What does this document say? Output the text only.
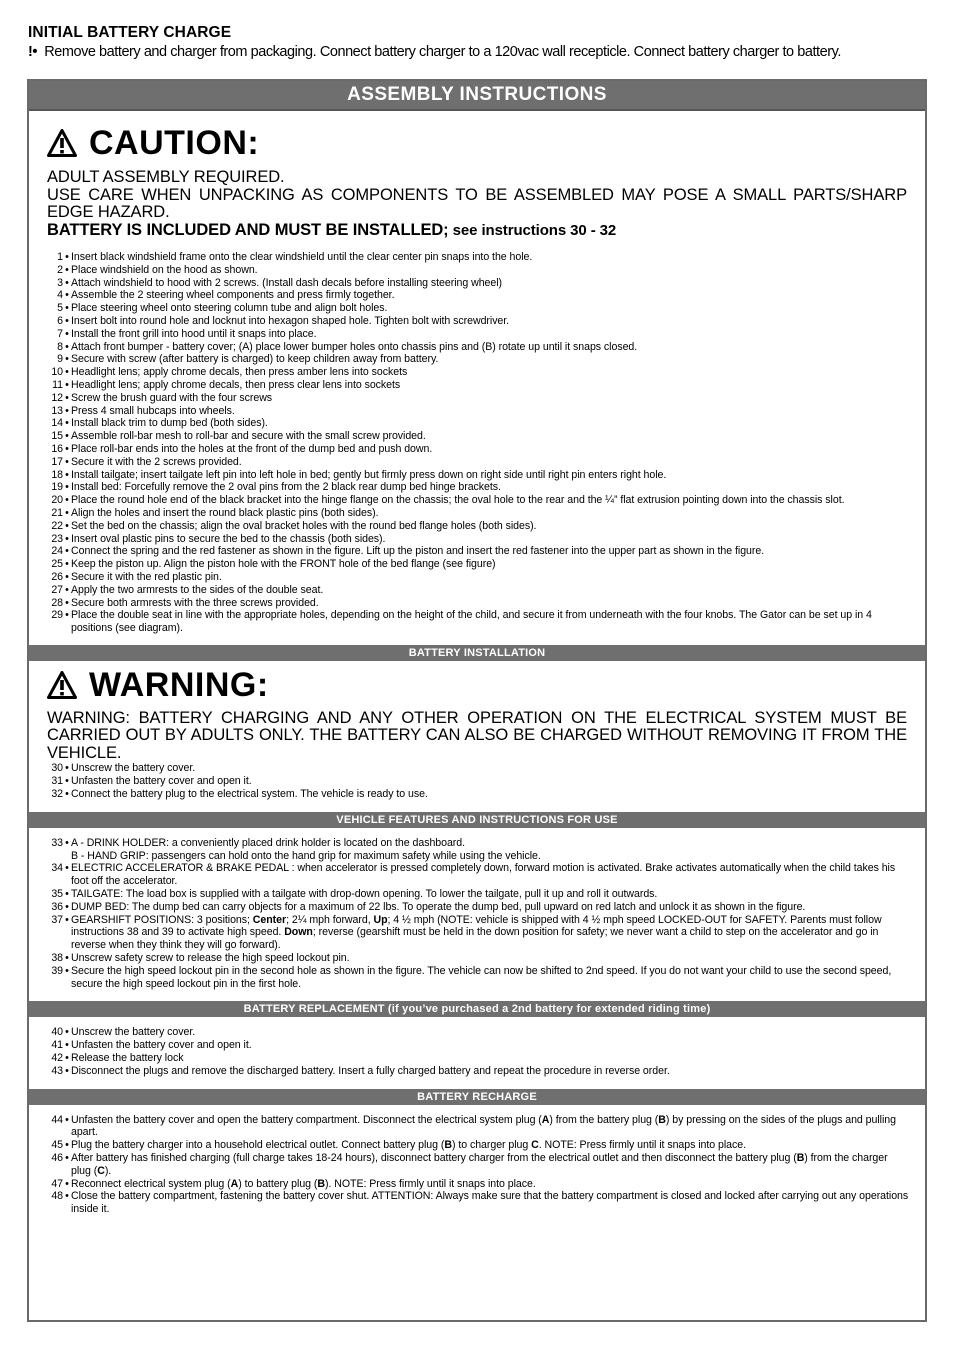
INITIAL BATTERY CHARGE

!• Remove battery and charger from packaging. Connect battery charger to a 120vac wall recepticle. Connect battery charger to battery.

ASSEMBLY INSTRUCTIONS
CAUTION:

ADULT ASSEMBLY REQUIRED.

USE CARE WHEN UNPACKING AS COMPONENTS TO BE ASSEMBLED MAY POSE A SMALL PARTS/SHARP EDGE HAZARD.

BATTERY IS INCLUDED AND MUST BE INSTALLED; see instructions 30 - 32

1 • Insert black windshield frame onto the clear windshield until the clear center pin snaps into the hole.
2 • Place windshield on the hood as shown.
3 • Attach windshield to hood with 2 screws. (Install dash decals before installing steering wheel)
4 • Assemble the 2 steering wheel components and press firmly together.
5 • Place steering wheel onto steering column tube and align bolt holes.
6 • Insert bolt into round hole and locknut into hexagon shaped hole. Tighten bolt with screwdriver.
7 • Install the front grill into hood until it snaps into place.
8 • Attach front bumper - battery cover; (A) place lower bumper holes onto chassis pins and (B) rotate up until it snaps closed.
9 • Secure with screw (after battery is charged) to keep children away from battery.
10 • Headlight lens; apply chrome decals, then press amber lens into sockets
11 • Headlight lens; apply chrome decals, then press clear lens into sockets
12 • Screw the brush guard with the four screws
13 • Press 4 small hubcaps into wheels.
14 • Install black trim to dump bed (both sides).
15 • Assemble roll-bar mesh to roll-bar and secure with the small screw provided.
16 • Place roll-bar ends into the holes at the front of the dump bed and push down.
17 • Secure it with the 2 screws provided.
18 • Install tailgate; insert tailgate left pin into left hole in bed; gently but firmly press down on right side until right pin enters right hole.
19 • Install bed: Forcefully remove the 2 oval pins from the 2 black rear dump bed hinge brackets.
20 • Place the round hole end of the black bracket into the hinge flange on the chassis; the oval hole to the rear and the ¼” flat extrusion pointing down into the chassis slot.
21 • Align the holes and insert the round black plastic pins (both sides).
22 • Set the bed on the chassis; align the oval bracket holes with the round bed flange holes (both sides).
23 • Insert oval plastic pins to secure the bed to the chassis (both sides).
24 • Connect the spring and the red fastener as shown in the figure. Lift up the piston and insert the red fastener into the upper part as shown in the figure.
25 • Keep the piston up. Align the piston hole with the FRONT hole of the bed flange (see figure)
26 • Secure it with the red plastic pin.
27 • Apply the two armrests to the sides of the double seat.
28 • Secure both armrests with the three screws provided.
29 • Place the double seat in line with the appropriate holes, depending on the height of the child, and secure it from underneath with the four knobs. The Gator can be set up in 4 positions (see diagram).
BATTERY INSTALLATION
WARNING:

WARNING: BATTERY CHARGING AND ANY OTHER OPERATION ON THE ELECTRICAL SYSTEM MUST BE CARRIED OUT BY ADULTS ONLY. THE BATTERY CAN ALSO BE CHARGED WITHOUT REMOVING IT FROM THE VEHICLE.

30 • Unscrew the battery cover.
31 • Unfasten the battery cover and open it.
32 • Connect the battery plug to the electrical system. The vehicle is ready to use.
VEHICLE FEATURES AND INSTRUCTIONS FOR USE
33 • A - DRINK HOLDER: a conveniently placed drink holder is located on the dashboard.
B - HAND GRIP: passengers can hold onto the hand grip for maximum safety while using the vehicle.
34 • ELECTRIC ACCELERATOR & BRAKE PEDAL : when accelerator is pressed completely down, forward motion is activated. Brake activates automatically when the child takes his foot off the accelerator.
35 • TAILGATE: The load box is supplied with a tailgate with drop-down opening. To lower the tailgate, pull it up and roll it outwards.
36 • DUMP BED: The dump bed can carry objects for a maximum of 22 lbs. To operate the dump bed, pull upward on red latch and unlock it as shown in the figure.
37 • GEARSHIFT POSITIONS: 3 positions; Center; 2¼ mph forward, Up; 4 ½ mph (NOTE: vehicle is shipped with 4 ½ mph speed LOCKED-OUT for SAFETY. Parents must follow instructions 38 and 39 to activate high speed. Down; reverse (gearshift must be held in the down position for safety; we never want a child to step on the accelerator and go in reverse when they think they will go forward).
38 • Unscrew safety screw to release the high speed lockout pin.
39 • Secure the high speed lockout pin in the second hole as shown in the figure. The vehicle can now be shifted to 2nd speed. If you do not want your child to use the second speed, secure the high speed lockout pin in the first hole.
BATTERY REPLACEMENT (if you’ve purchased a 2nd battery for extended riding time)
40 • Unscrew the battery cover.
41 • Unfasten the battery cover and open it.
42 • Release the battery lock
43 • Disconnect the plugs and remove the discharged battery. Insert a fully charged battery and repeat the procedure in reverse order.
BATTERY RECHARGE
44 • Unfasten the battery cover and open the battery compartment. Disconnect the electrical system plug (A) from the battery plug (B) by pressing on the sides of the plugs and pulling apart.
45 • Plug the battery charger into a household electrical outlet. Connect battery plug (B) to charger plug C. NOTE: Press firmly until it snaps into place.
46 • After battery has finished charging (full charge takes 18-24 hours), disconnect battery charger from the electrical outlet and then disconnect the battery plug (B) from the charger plug (C).
47 • Reconnect electrical system plug (A) to battery plug (B). NOTE: Press firmly until it snaps into place.
48 • Close the battery compartment, fastening the battery cover shut. ATTENTION: Always make sure that the battery compartment is closed and locked after carrying out any operations inside it.
